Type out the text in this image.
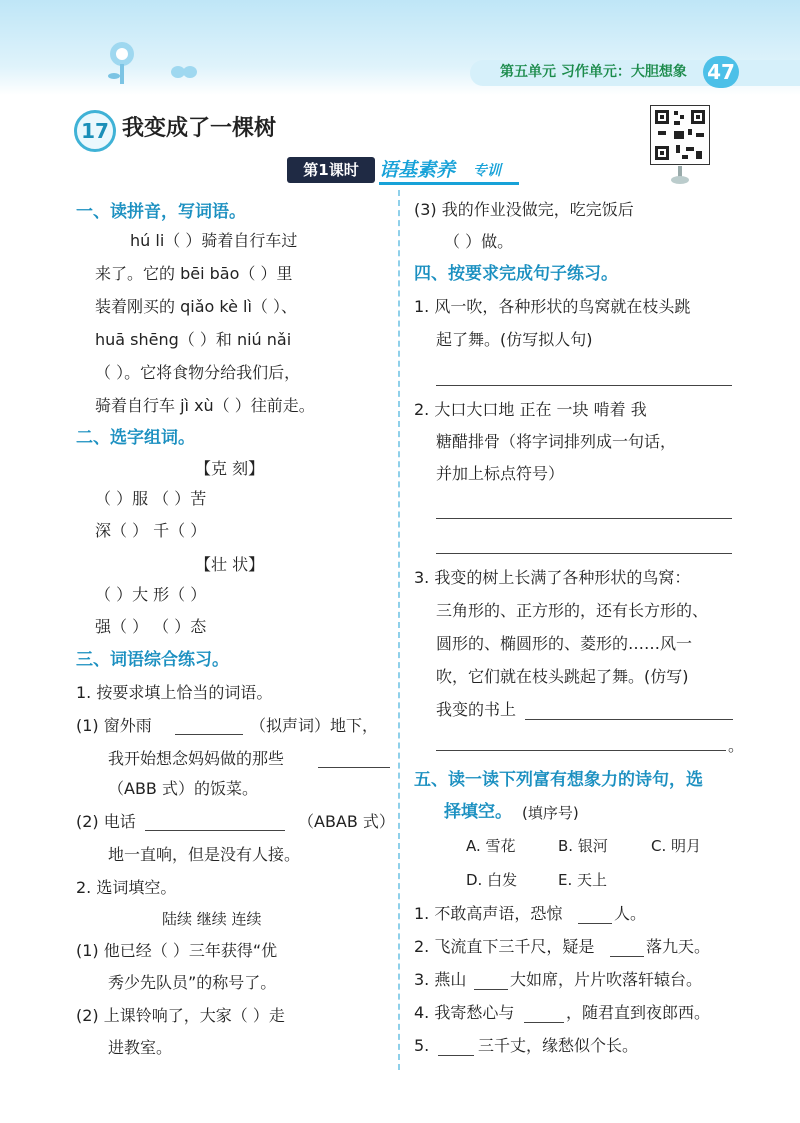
第五单元 习作单元：大胆想象 47
17 我变成了一棵树
第1课时	语基素养 专训
一、读拼音，写词语。
hú li（ ）骑着自行车过
来了。它的 bēi bāo（ ）里
装着刚买的 qiǎo kè lì（ ）、
huā shēng（ ）和 niú nǎi
（ ）。它将食物分给我们后，
骑着自行车 jì xù（ ）往前走。
二、选字组词。
【克 刻】
（ ）服 （ ）苦
深（ ） 千（ ）
【壮 状】
（ ）大 形（ ）
强（ ） （ ）态
三、词语综合练习。
1. 按要求填上恰当的词语。
(1) 窗外雨	（拟声词）地下，
我开始想念妈妈做的那些
（ABB 式）的饭菜。
(2) 电话	（ABAB 式）
地一直响，但是没有人接。
2. 选词填空。
陆续 继续 连续
(1) 他已经（ ）三年获得“优
秀少先队员”的称号了。
(2) 上课铃响了，大家（ ）走
进教室。
(3) 我的作业没做完，吃完饭后
（ ）做。
四、按要求完成句子练习。
1. 风一吹，各种形状的鸟窝就在枝头跳
起了舞。(仿写拟人句)
2. 大口大口地 正在 一块 啃着 我
糖醋排骨（将字词排列成一句话，
并加上标点符号）
3. 我变的树上长满了各种形状的鸟窝：
三角形的、正方形的，还有长方形的、
圆形的、椭圆形的、菱形的……风一
吹，它们就在枝头跳起了舞。(仿写)
我变的书上
。
五、读一读下列富有想象力的诗句，选
择填空。 (填序号)
A. 雪花	B. 银河	C. 明月
D. 白发	E. 天上
1. 不敢高声语，恐惊	人。
2. 飞流直下三千尺，疑是	落九天。
3. 燕山	大如席，片片吹落轩辕台。
4. 我寄愁心与	，随君直到夜郎西。
5.	三千丈，缘愁似个长。
